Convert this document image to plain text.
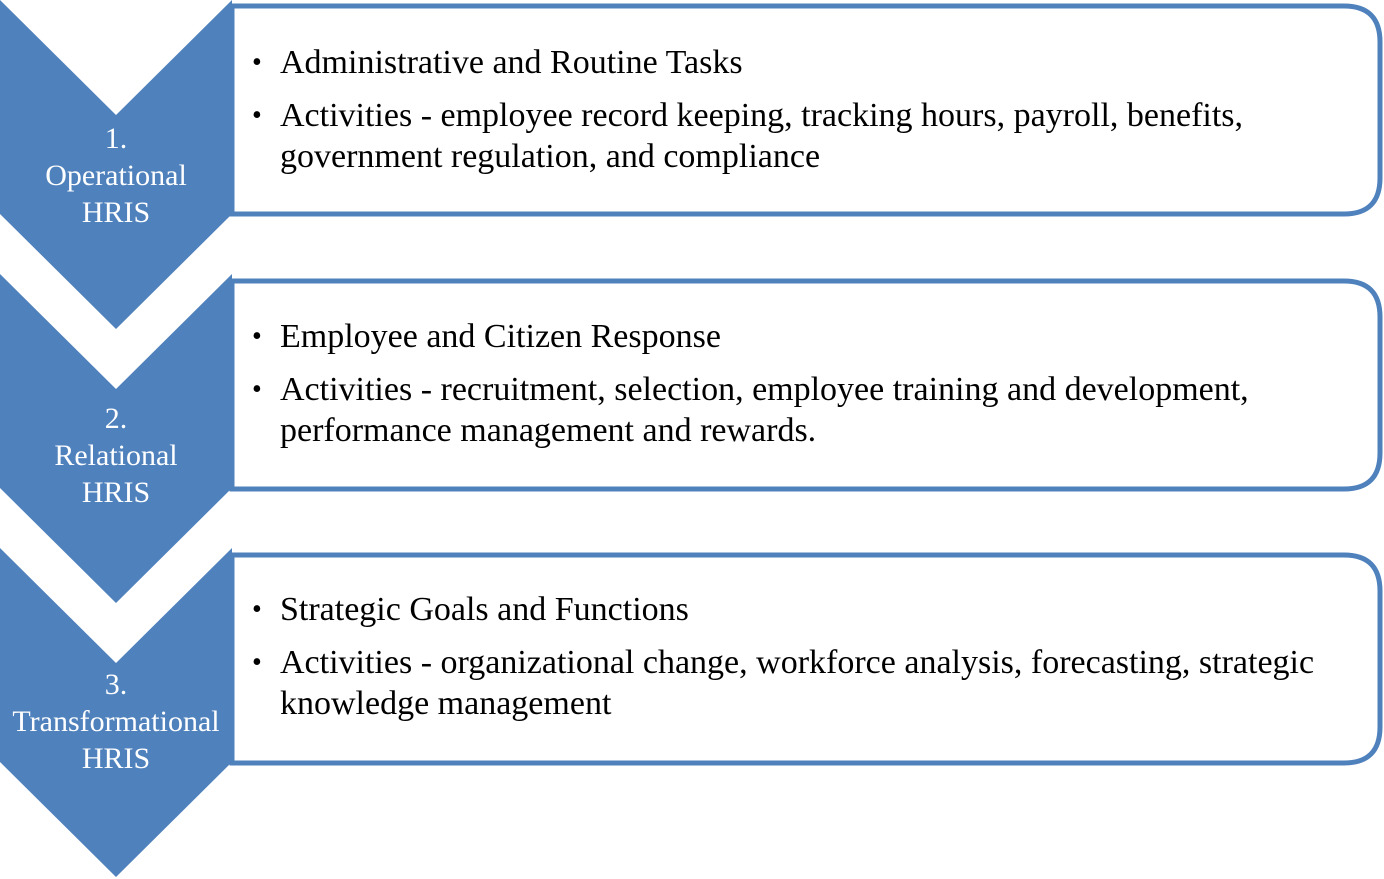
1.
Operational
HRIS
2.
Relational
HRIS
3.
Transformational
HRIS
• Administrative and Routine Tasks
• Activities - employee record keeping, tracking hours, payroll, benefits, government regulation, and compliance
• Employee and Citizen Response
• Activities - recruitment, selection, employee training and development, performance management and rewards.
• Strategic Goals and Functions
• Activities - organizational change, workforce analysis, forecasting, strategic knowledge management
